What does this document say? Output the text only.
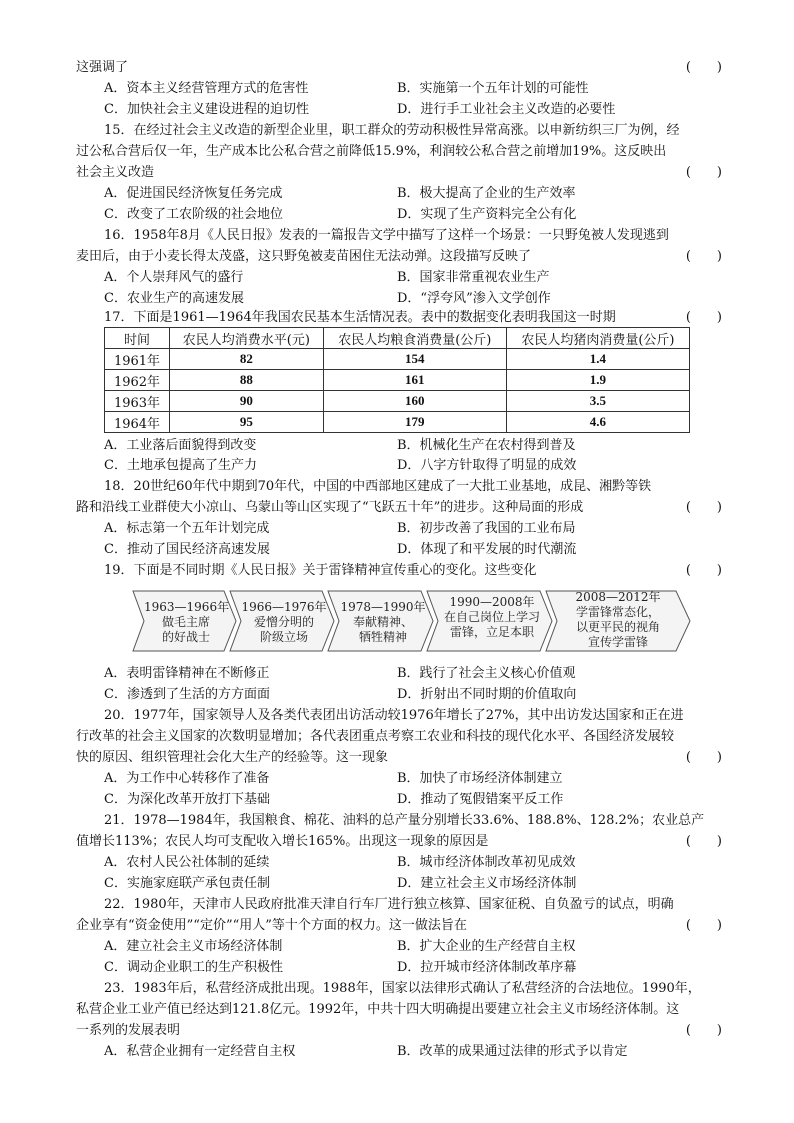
这强调了	(　　)
A．资本主义经营管理方式的危害性	B．实施第一个五年计划的可能性
C．加快社会主义建设进程的迫切性	D．进行手工业社会主义改造的必要性
15．在经过社会主义改造的新型企业里，职工群众的劳动积极性异常高涨。以申新纺织三厂为例，经
过公私合营后仅一年，生产成本比公私合营之前降低15.9%，利润较公私合营之前增加19%。这反映出
社会主义改造	(　　)
A．促进国民经济恢复任务完成	B．极大提高了企业的生产效率
C．改变了工农阶级的社会地位	D．实现了生产资料完全公有化
16．1958年8月《人民日报》发表的一篇报告文学中描写了这样一个场景：一只野兔被人发现逃到
麦田后，由于小麦长得太茂盛，这只野兔被麦苗困住无法动弹。这段描写反映了	(　　)
A．个人崇拜风气的盛行	B．国家非常重视农业生产
C．农业生产的高速发展	D．“浮夸风”渗入文学创作
17．下面是1961—1964年我国农民基本生活情况表。表中的数据变化表明我国这一时期	(　　)
时间	农民人均消费水平(元)	农民人均粮食消费量(公斤)	农民人均猪肉消费量(公斤)
1961年	82	154	1.4
1962年	88	161	1.9
1963年	90	160	3.5
1964年	95	179	4.6
A．工业落后面貌得到改变	B．机械化生产在农村得到普及
C．土地承包提高了生产力	D．八字方针取得了明显的成效
18．20世纪60年代中期到70年代，中国的中西部地区建成了一大批工业基地，成昆、湘黔等铁
路和沿线工业群使大小凉山、乌蒙山等山区实现了“飞跃五十年”的进步。这种局面的形成	(　　)
A．标志第一个五年计划完成	B．初步改善了我国的工业布局
C．推动了国民经济高速发展	D．体现了和平发展的时代潮流
19．下面是不同时期《人民日报》关于雷锋精神宣传重心的变化。这些变化	(　　)
1963—1966年
做毛主席
的好战士
1966—1976年
爱憎分明的
阶级立场
1978—1990年
奉献精神、
牺牲精神
1990—2008年
在自己岗位上学习
雷锋，立足本职
2008—2012年
学雷锋常态化，
以更平民的视角
宣传学雷锋
A．表明雷锋精神在不断修正	B．践行了社会主义核心价值观
C．渗透到了生活的方方面面	D．折射出不同时期的价值取向
20．1977年，国家领导人及各类代表团出访活动较1976年增长了27%，其中出访发达国家和正在进
行改革的社会主义国家的次数明显增加；各代表团重点考察工农业和科技的现代化水平、各国经济发展较
快的原因、组织管理社会化大生产的经验等。这一现象	(　　)
A．为工作中心转移作了准备	B．加快了市场经济体制建立
C．为深化改革开放打下基础	D．推动了冤假错案平反工作
21．1978—1984年，我国粮食、棉花、油料的总产量分别增长33.6%、188.8%、128.2%；农业总产
值增长113%；农民人均可支配收入增长165%。出现这一现象的原因是	(　　)
A．农村人民公社体制的延续	B．城市经济体制改革初见成效
C．实施家庭联产承包责任制	D．建立社会主义市场经济体制
22．1980年，天津市人民政府批准天津自行车厂进行独立核算、国家征税、自负盈亏的试点，明确
企业享有“资金使用”“定价”“用人”等十个方面的权力。这一做法旨在	(　　)
A．建立社会主义市场经济体制	B．扩大企业的生产经营自主权
C．调动企业职工的生产积极性	D．拉开城市经济体制改革序幕
23．1983年后，私营经济成批出现。1988年，国家以法律形式确认了私营经济的合法地位。1990年，
私营企业工业产值已经达到121.8亿元。1992年，中共十四大明确提出要建立社会主义市场经济体制。这
一系列的发展表明	(　　)
A．私营企业拥有一定经营自主权	B．改革的成果通过法律的形式予以肯定
